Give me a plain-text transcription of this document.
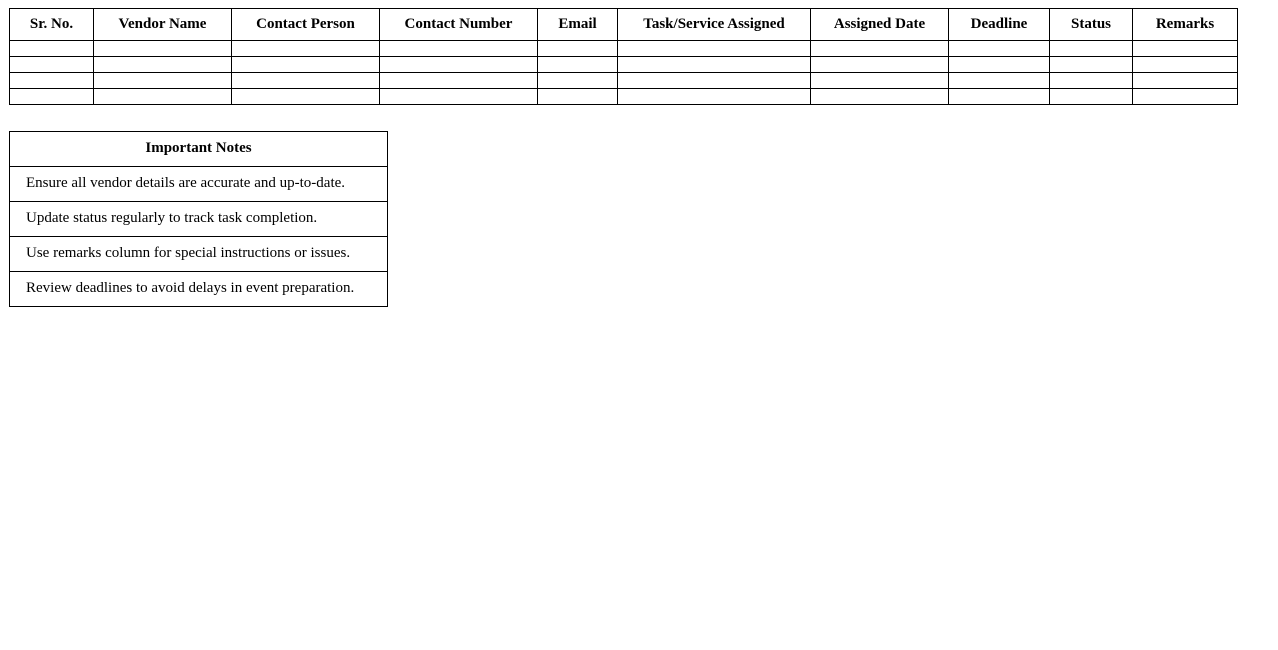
Sr. No.	Vendor Name	Contact Person	Contact Number	Email	Task/Service Assigned	Assigned Date	Deadline	Status	Remarks

Important Notes
Ensure all vendor details are accurate and up-to-date.
Update status regularly to track task completion.
Use remarks column for special instructions or issues.
Review deadlines to avoid delays in event preparation.
